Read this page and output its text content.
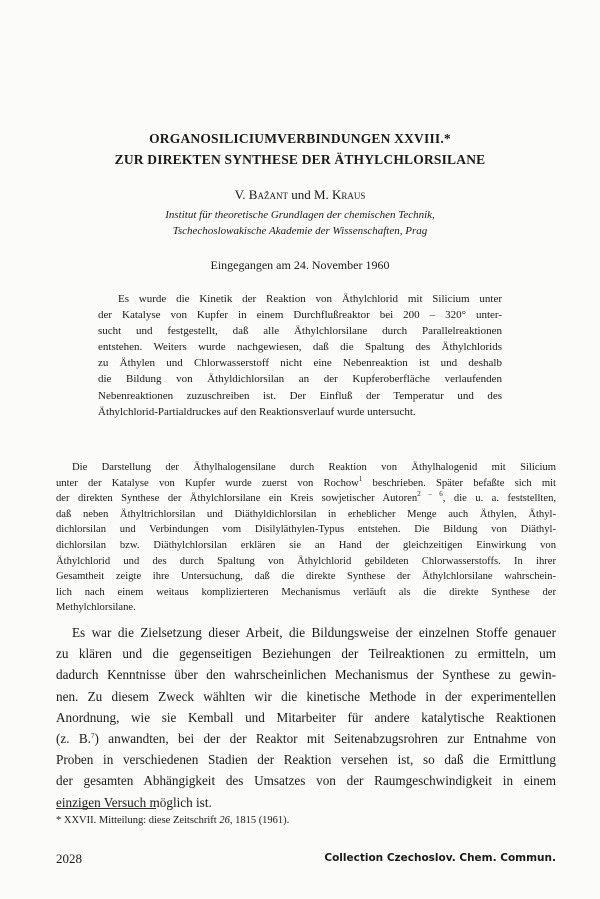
ORGANOSILICIUMVERBINDUNGEN XXVIII.*
ZUR DIREKTEN SYNTHESE DER ÄTHYLCHLORSILANE
V. Bažant und M. Kraus
Institut für theoretische Grundlagen der chemischen Technik,
Tschechoslowakische Akademie der Wissenschaften, Prag
Eingegangen am 24. November 1960
Es wurde die Kinetik der Reaktion von Äthylchlorid mit Silicium unter
der Katalyse von Kupfer in einem Durchflußreaktor bei 200 – 320° unter-
sucht und festgestellt, daß alle Äthylchlorsilane durch Parallelreaktionen
entstehen. Weiters wurde nachgewiesen, daß die Spaltung des Äthylchlorids
zu Äthylen und Chlorwasserstoff nicht eine Nebenreaktion ist und deshalb
die Bildung von Äthyldichlorsilan an der Kupferoberfläche verlaufenden
Nebenreaktionen zuzuschreiben ist. Der Einfluß der Temperatur und des
Äthylchlorid-Partialdruckes auf den Reaktionsverlauf wurde untersucht.
Die Darstellung der Äthylhalogensilane durch Reaktion von Äthylhalogenid mit Silicium
unter der Katalyse von Kupfer wurde zuerst von Rochow$^1$ beschrieben. Später befaßte sich mit
der direkten Synthese der Äthylchlorsilane ein Kreis sowjetischer Autoren$^{2 - 6}$, die u. a. feststellten,
daß neben Äthyltrichlorsilan und Diäthyldichlorsilan in erheblicher Menge auch Äthylen, Äthyl-
dichlorsilan und Verbindungen vom Disilyläthylen-Typus entstehen. Die Bildung von Diäthyl-
dichlorsilan bzw. Diäthylchlorsilan erklären sie an Hand der gleichzeitigen Einwirkung von
Äthylchlorid und des durch Spaltung von Äthylchlorid gebildeten Chlorwasserstoffs. In ihrer
Gesamtheit zeigte ihre Untersuchung, daß die direkte Synthese der Äthylchlorsilane wahrschein-
lich nach einem weitaus komplizierteren Mechanismus verläuft als die direkte Synthese der
Methylchlorsilane.
Es war die Zielsetzung dieser Arbeit, die Bildungsweise der einzelnen Stoffe genauer
zu klären und die gegenseitigen Beziehungen der Teilreaktionen zu ermitteln, um
dadurch Kenntnisse über den wahrscheinlichen Mechanismus der Synthese zu gewin-
nen. Zu diesem Zweck wählten wir die kinetische Methode in der experimentellen
Anordnung, wie sie Kemball und Mitarbeiter für andere katalytische Reaktionen
(z. B.$^7$) anwandten, bei der der Reaktor mit Seitenabzugsrohren zur Entnahme von
Proben in verschiedenen Stadien der Reaktion versehen ist, so daß die Ermittlung
der gesamten Abhängigkeit des Umsatzes von der Raumgeschwindigkeit in einem
einzigen Versuch möglich ist.
* XXVII. Mitteilung: diese Zeitschrift 26, 1815 (1961).
2028	Collection Czechoslov. Chem. Commun.
